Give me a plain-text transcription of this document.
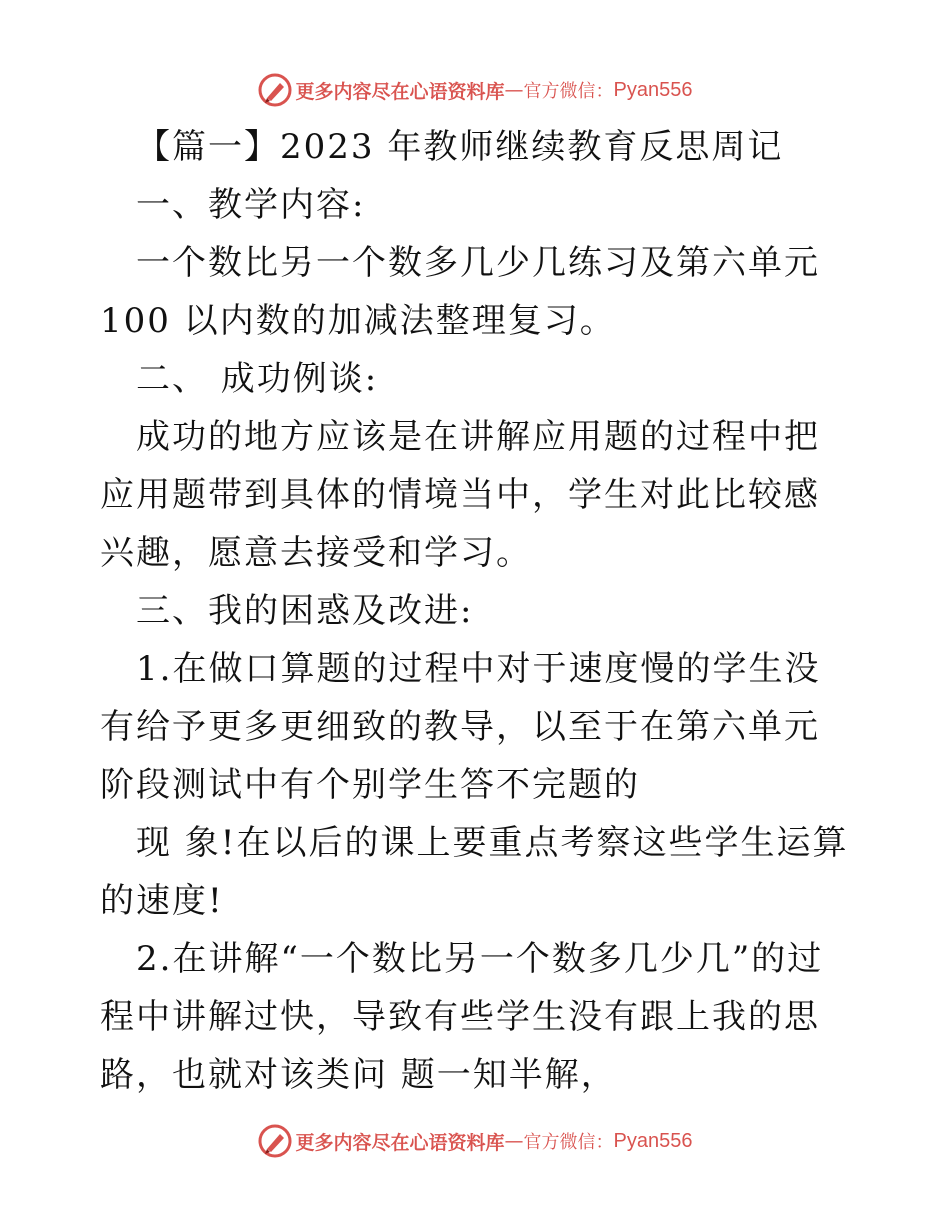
更多内容尽在心语资料库 — 官方微信： Pyan556

【篇一】2023 年教师继续教育反思周记

一、教学内容:

一个数比另一个数多几少几练习及第六单元 100 以内数的加减法整理复习。

二、 成功例谈:

成功的地方应该是在讲解应用题的过程中把应用题带到具体的情境当中，学生对此比较感兴趣，愿意去接受和学习。

三、我的困惑及改进:

1.在做口算题的过程中对于速度慢的学生没有给予更多更细致的教导，以至于在第六单元阶段测试中有个别学生答不完题的

现 象!在以后的课上要重点考察这些学生运算的速度!

2.在讲解“一个数比另一个数多几少几”的过程中讲解过快，导致有些学生没有跟上我的思路，也就对该类问 题一知半解，

更多内容尽在心语资料库 — 官方微信： Pyan556
